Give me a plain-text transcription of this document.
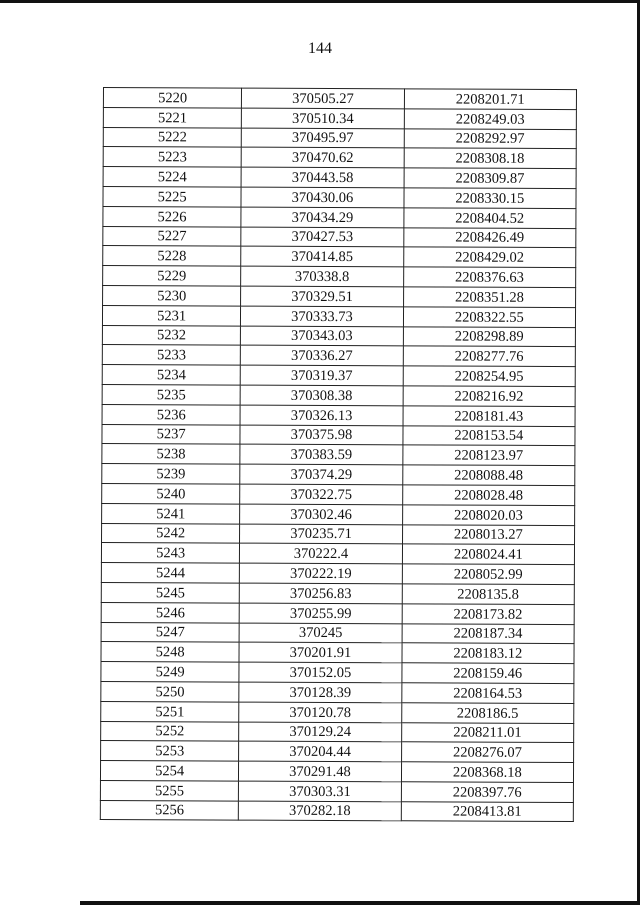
144
5220	370505.27	2208201.71
5221	370510.34	2208249.03
5222	370495.97	2208292.97
5223	370470.62	2208308.18
5224	370443.58	2208309.87
5225	370430.06	2208330.15
5226	370434.29	2208404.52
5227	370427.53	2208426.49
5228	370414.85	2208429.02
5229	370338.8	2208376.63
5230	370329.51	2208351.28
5231	370333.73	2208322.55
5232	370343.03	2208298.89
5233	370336.27	2208277.76
5234	370319.37	2208254.95
5235	370308.38	2208216.92
5236	370326.13	2208181.43
5237	370375.98	2208153.54
5238	370383.59	2208123.97
5239	370374.29	2208088.48
5240	370322.75	2208028.48
5241	370302.46	2208020.03
5242	370235.71	2208013.27
5243	370222.4	2208024.41
5244	370222.19	2208052.99
5245	370256.83	2208135.8
5246	370255.99	2208173.82
5247	370245	2208187.34
5248	370201.91	2208183.12
5249	370152.05	2208159.46
5250	370128.39	2208164.53
5251	370120.78	2208186.5
5252	370129.24	2208211.01
5253	370204.44	2208276.07
5254	370291.48	2208368.18
5255	370303.31	2208397.76
5256	370282.18	2208413.81
